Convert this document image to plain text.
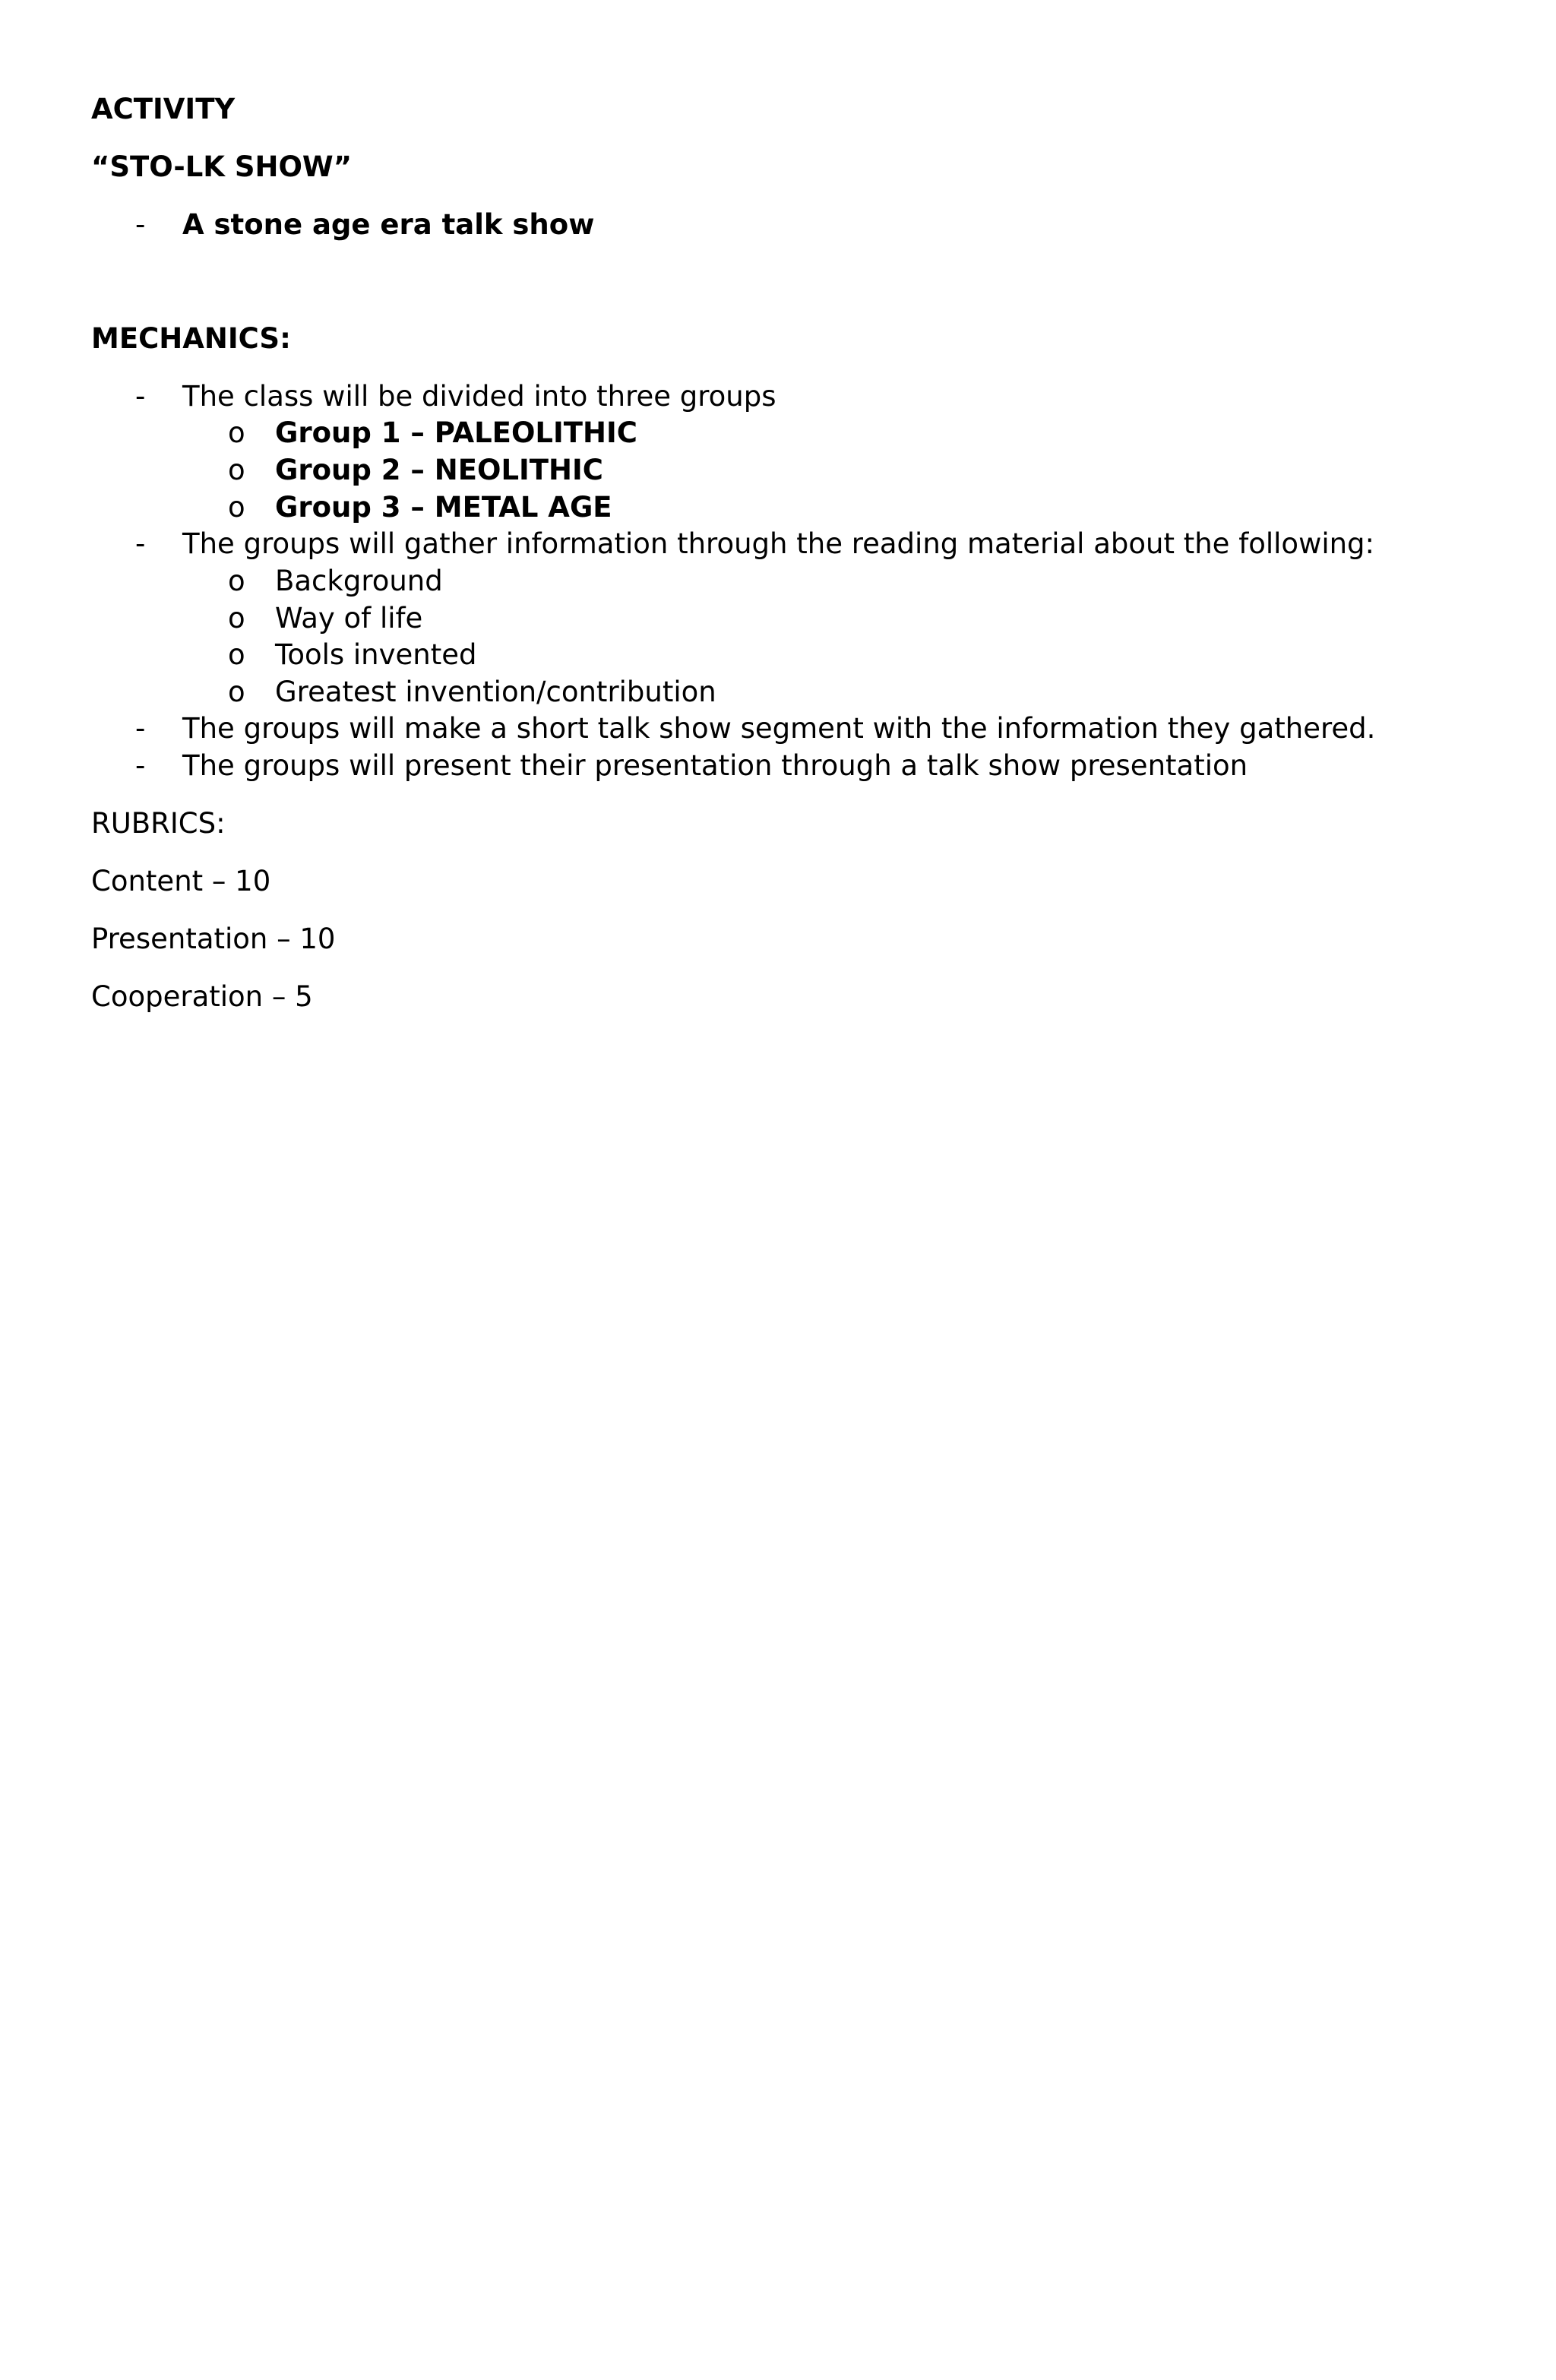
ACTIVITY
“STO-LK SHOW”
-	A stone age era talk show
MECHANICS:
-	The class will be divided into three groups
o	Group 1 – PALEOLITHIC
o	Group 2 – NEOLITHIC
o	Group 3 – METAL AGE
-	The groups will gather information through the reading material about the following:
o	Background
o	Way of life
o	Tools invented
o	Greatest invention/contribution
-	The groups will make a short talk show segment with the information they gathered.
-	The groups will present their presentation through a talk show presentation
RUBRICS:
Content – 10
Presentation – 10
Cooperation – 5
